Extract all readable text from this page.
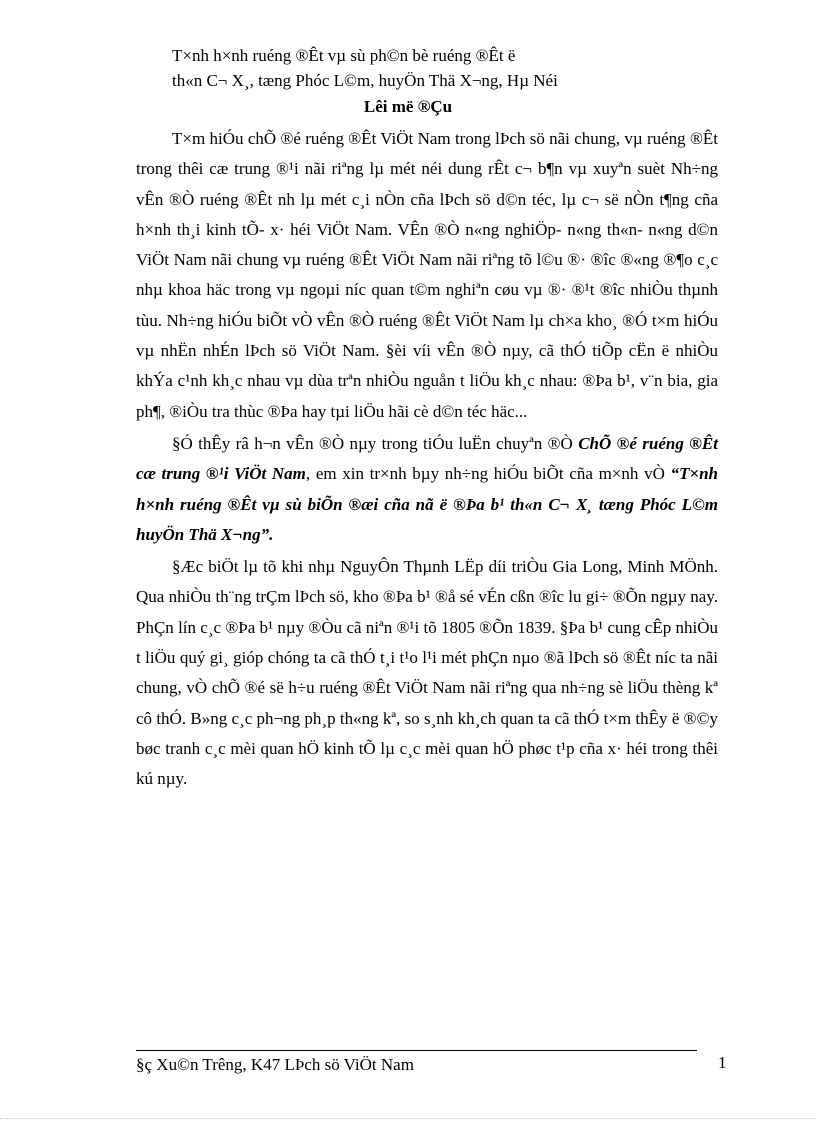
T×nh h×nh ruéng ®Êt vµ sù ph©n bè ruéng ®Êt ë
th«n C¬ X¸, tæng Phóc L©m, huyÖn Thä X¬ng, Hµ Néi
Lêi më ®Çu

T×m hiÓu chÕ ®é ruéng ®Êt ViÖt Nam trong lÞch sö nãi chung, vµ ruéng ®Êt trong thêi cæ trung ®¹i nãi riªng lµ mét néi dung rÊt c¬ b¶n vµ xuyªn suèt Nh÷ng vÊn ®Ò ruéng ®Êt nh lµ mét c¸i nÒn cña lÞch sö d©n téc, lµ c¬ së nÒn t¶ng cña h×nh th¸i kinh tÕ- x· héi ViÖt Nam. VÊn ®Ò n«ng nghiÖp- n«ng th«n- n«ng d©n ViÖt Nam nãi chung vµ ruéng ®Êt ViÖt Nam nãi riªng tõ l©u ®· ®îc ®«ng ®¶o c¸c nhµ khoa häc trong vµ ngoµi níc quan t©m nghiªn cøu vµ ®· ®¹t ®îc nhiÒu thµnh tùu. Nh÷ng hiÓu biÕt vÒ vÊn ®Ò ruéng ®Êt ViÖt Nam lµ ch×a kho¸ ®Ó t×m hiÓu vµ nhËn nhÉn lÞch sö ViÖt Nam. §èi víi vÊn ®Ò nµy, cã thÓ tiÕp cËn ë nhiÒu khÝa c¹nh kh¸c nhau vµ dùa trªn nhiÒu nguån t liÖu kh¸c nhau: ®Þa b¹, v¨n bia, gia ph¶, ®iÒu tra thùc ®Þa hay tµi liÖu hãi cè d©n téc häc...

§Ó thÊy râ h¬n vÊn ®Ò nµy trong tiÓu luËn chuyªn ®Ò ChÕ ®é ruéng ®Êt cæ trung ®¹i ViÖt Nam, em xin tr×nh bµy nh÷ng hiÓu biÕt cña m×nh vÒ “T×nh h×nh ruéng ®Êt vµ sù biÕn ®æi cña nã ë ®Þa b¹ th«n C¬ X¸ tæng Phóc L©m huyÖn Thä X¬ng”.

§Æc biÖt lµ tõ khi nhµ NguyÔn Thµnh LËp díi triÒu Gia Long, Minh MÖnh. Qua nhiÒu th¨ng trÇm lÞch sö, kho ®Þa b¹ ®å sé vÉn cßn ®îc lu gi÷ ®Õn ngµy nay. PhÇn lín c¸c ®Þa b¹ nµy ®Òu cã niªn ®¹i tõ 1805 ®Õn 1839. §Þa b¹ cung cÊp nhiÒu t liÖu quý gi¸ gióp chóng ta cã thÓ t¸i t¹o l¹i mét phÇn nµo ®ã lÞch sö ®Êt níc ta nãi chung, vÒ chÕ ®é së h÷u ruéng ®Êt ViÖt Nam nãi riªng qua nh÷ng sè liÖu thèng kª cô thÓ. B»ng c¸c ph¬ng ph¸p th«ng kª, so s¸nh kh¸ch quan ta cã thÓ t×m thÊy ë ®©y bøc tranh c¸c mèi quan hÖ kinh tÕ lµ c¸c mèi quan hÖ phøc t¹p cña x· héi trong thêi kú nµy.

§ç Xu©n Trêng, K47 LÞch sö ViÖt Nam	1
